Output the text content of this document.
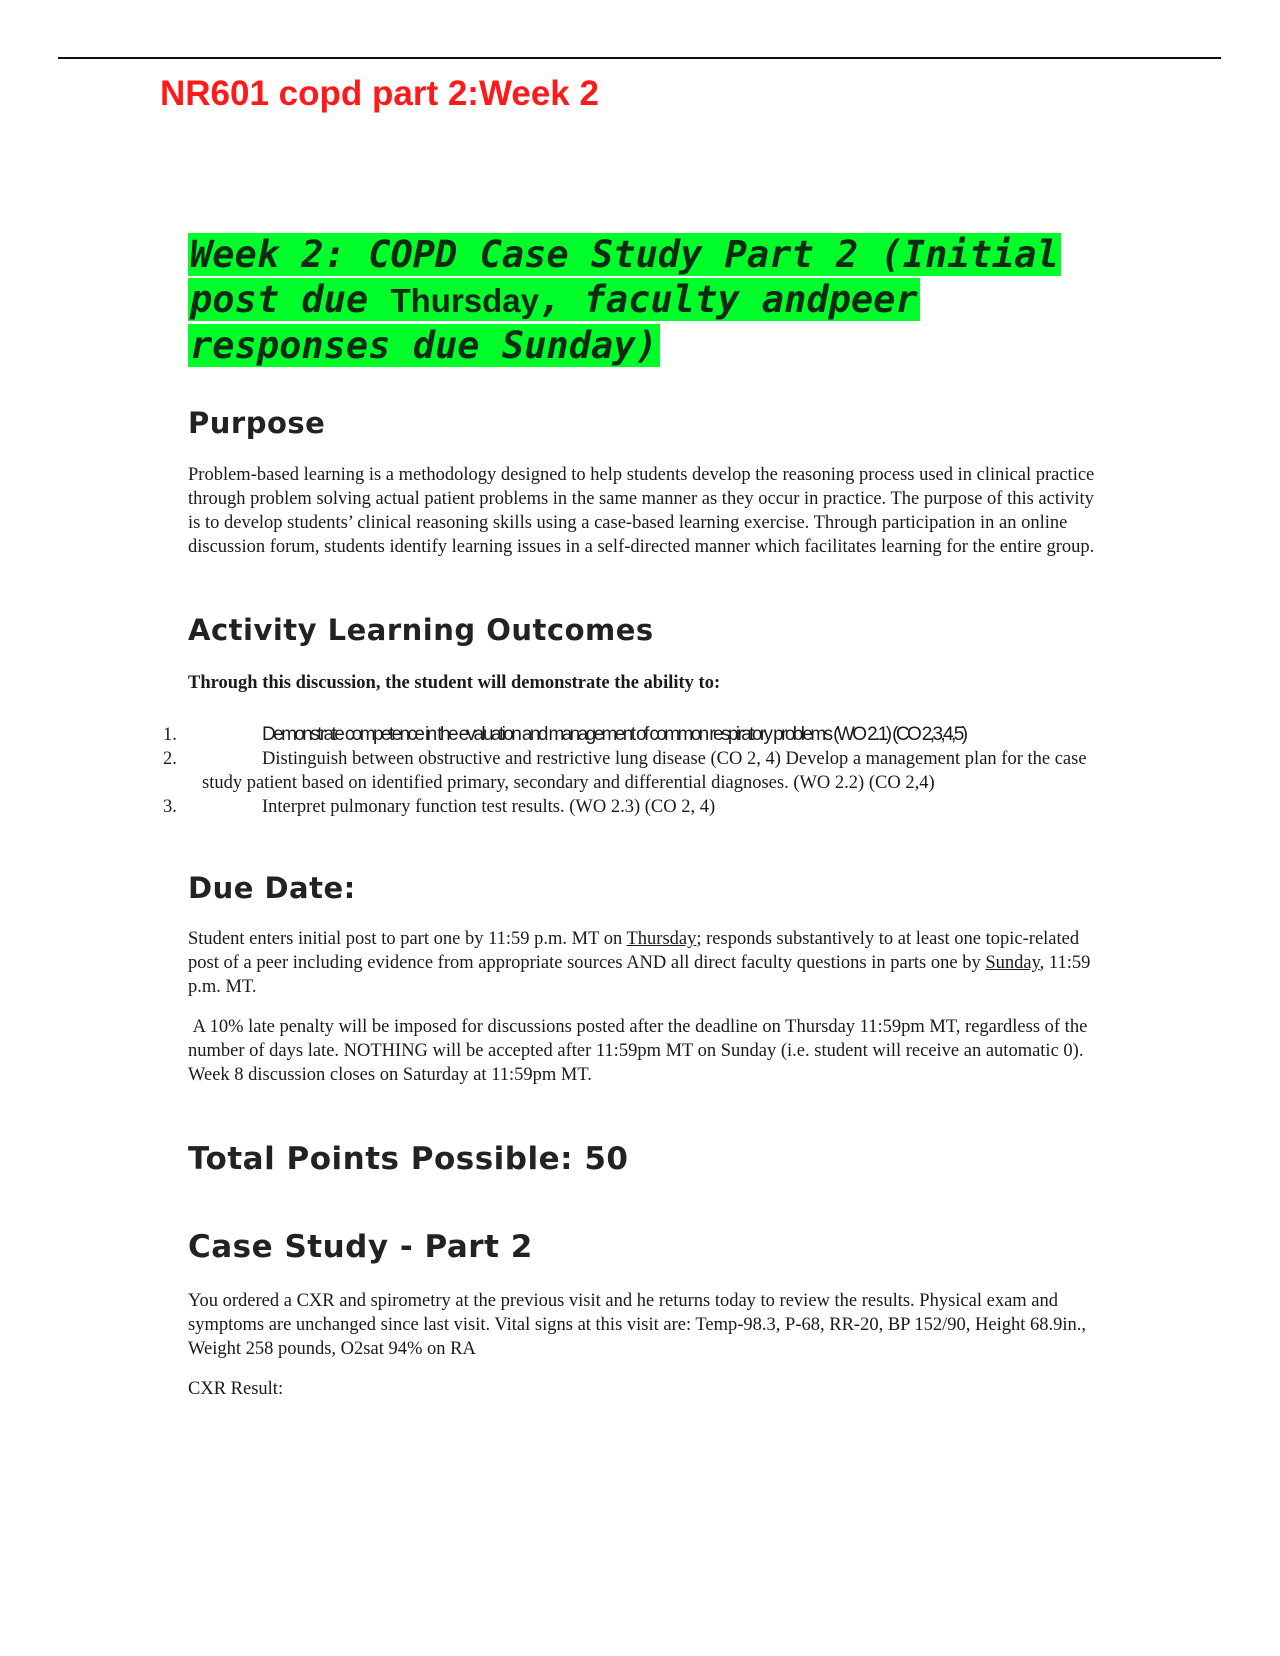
NR601 copd part 2:Week 2
Week 2: COPD Case Study Part 2 (Initial post due Thursday, faculty andpeer responses due Sunday)
Purpose

Problem-based learning is a methodology designed to help students develop the reasoning process used in clinical practice through problem solving actual patient problems in the same manner as they occur in practice. The purpose of this activity is to develop students’ clinical reasoning skills using a case-based learning exercise. Through participation in an online discussion forum, students identify learning issues in a self-directed manner which facilitates learning for the entire group.

Activity Learning Outcomes

Through this discussion, the student will demonstrate the ability to:

1.	Demonstrate competence in the evaluation and management of common respiratory problems (WO 2.1) (CO 2,3,4,5)
2.	Distinguish between obstructive and restrictive lung disease (CO 2, 4) Develop a management plan for the case study patient based on identified primary, secondary and differential diagnoses. (WO 2.2) (CO 2,4)
3.	Interpret pulmonary function test results. (WO 2.3) (CO 2, 4)
Due Date:

Student enters initial post to part one by 11:59 p.m. MT on Thursday; responds substantively to at least one topic-related post of a peer including evidence from appropriate sources AND all direct faculty questions in parts one by Sunday, 11:59 p.m. MT.

A 10% late penalty will be imposed for discussions posted after the deadline on Thursday 11:59pm MT, regardless of the number of days late. NOTHING will be accepted after 11:59pm MT on Sunday (i.e. student will receive an automatic 0). Week 8 discussion closes on Saturday at 11:59pm MT.

Total Points Possible: 50
Case Study - Part 2

You ordered a CXR and spirometry at the previous visit and he returns today to review the results. Physical exam and symptoms are unchanged since last visit. Vital signs at this visit are: Temp-98.3, P-68, RR-20, BP 152/90, Height 68.9in., Weight 258 pounds, O2sat 94% on RA

CXR Result:
